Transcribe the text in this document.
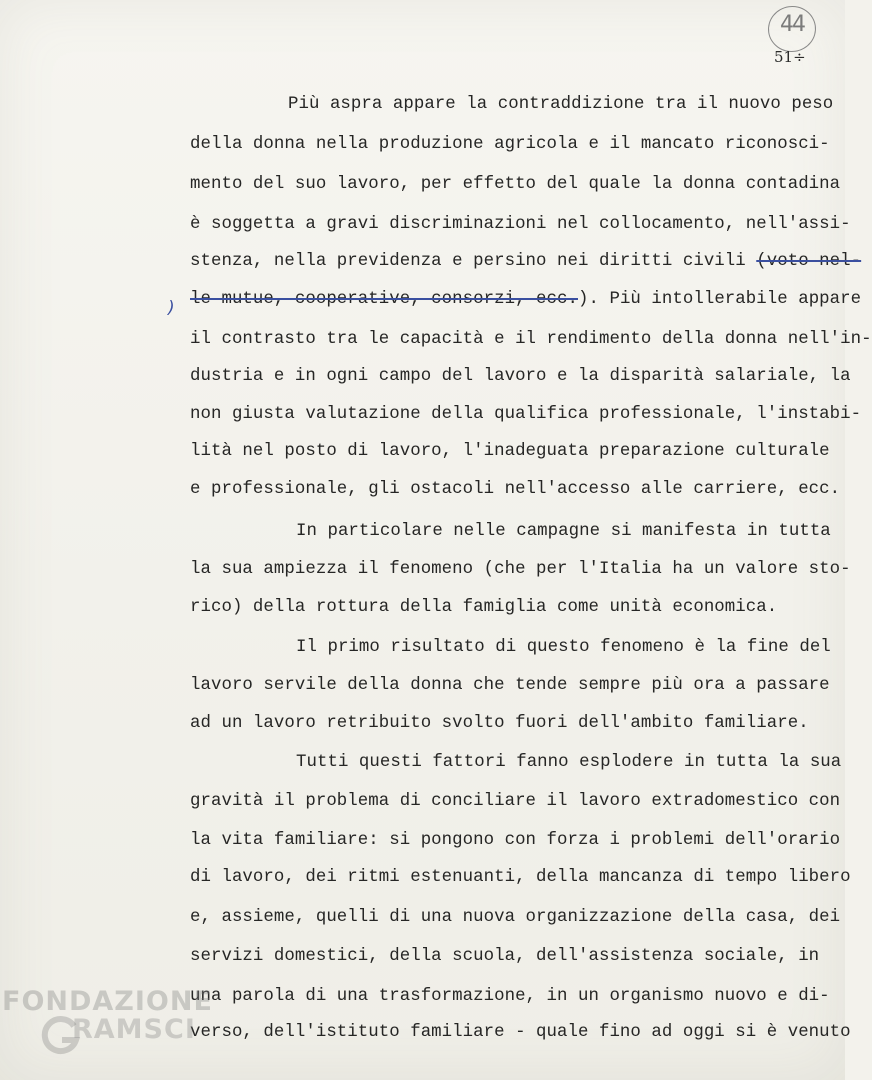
44
51÷
)
Più aspra appare la contraddizione tra il nuovo peso
della donna nella produzione agricola e il mancato riconosci-
mento del suo lavoro, per effetto del quale la donna contadina
è soggetta a gravi discriminazioni nel collocamento, nell'assi-
stenza, nella previdenza e persino nei diritti civili (voto nel-
le mutue, cooperative, consorzi, ecc.). Più intollerabile appare
il contrasto tra le capacità e il rendimento della donna nell'in-
dustria e in ogni campo del lavoro e la disparità salariale, la
non giusta valutazione della qualifica professionale, l'instabi-
lità nel posto di lavoro, l'inadeguata preparazione culturale
e professionale, gli ostacoli nell'accesso alle carriere, ecc.
In particolare nelle campagne si manifesta in tutta
la sua ampiezza il fenomeno (che per l'Italia ha un valore sto-
rico) della rottura della famiglia come unità economica.
Il primo risultato di questo fenomeno è la fine del
lavoro servile della donna che tende sempre più ora a passare
ad un lavoro retribuito svolto fuori dell'ambito familiare.
Tutti questi fattori fanno esplodere in tutta la sua
gravità il problema di conciliare il lavoro extradomestico con
la vita familiare: si pongono con forza i problemi dell'orario
di lavoro, dei ritmi estenuanti, della mancanza di tempo libero
e, assieme, quelli di una nuova organizzazione della casa, dei
servizi domestici, della scuola, dell'assistenza sociale, in
una parola di una trasformazione, in un organismo nuovo e di-
verso, dell'istituto familiare - quale fino ad oggi si è venuto
FONDAZIONE
RAMSCI
